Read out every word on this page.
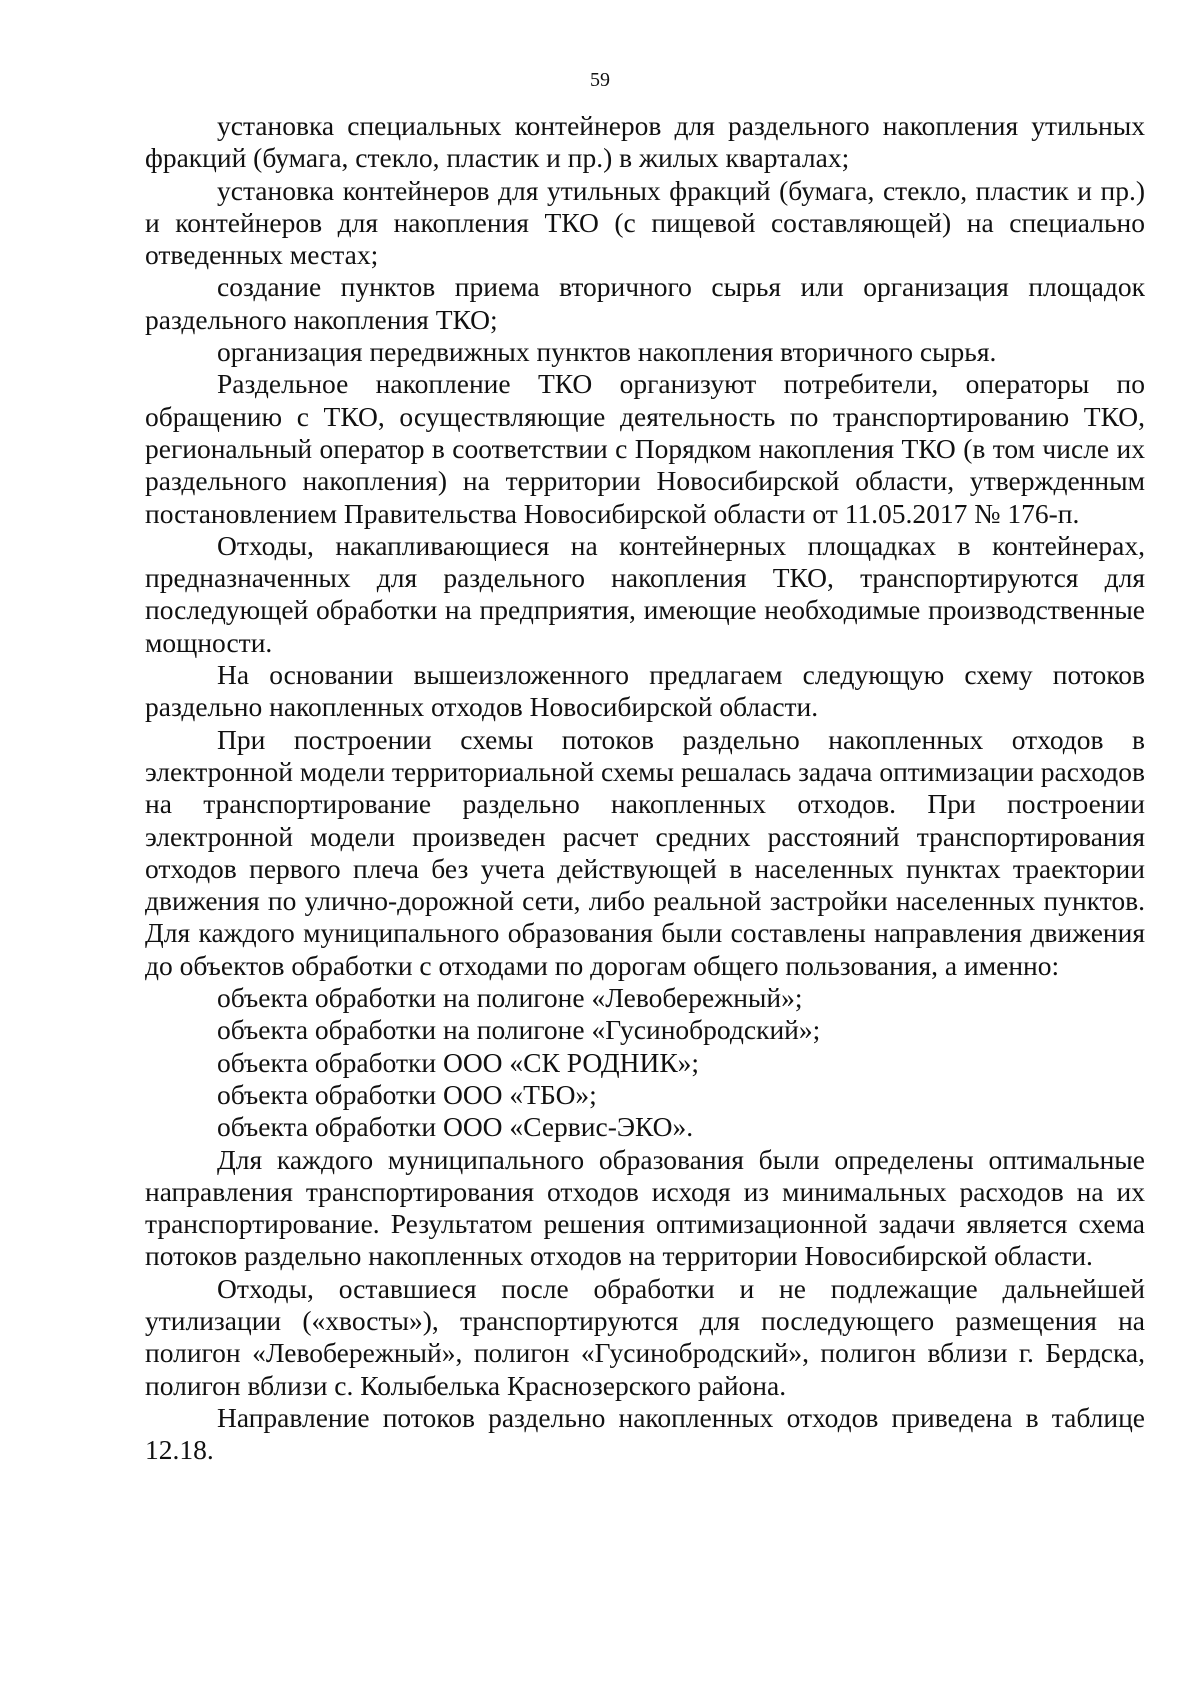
59

установка специальных контейнеров для раздельного накопления утильных фракций (бумага, стекло, пластик и пр.) в жилых кварталах;

установка контейнеров для утильных фракций (бумага, стекло, пластик и пр.) и контейнеров для накопления ТКО (с пищевой составляющей) на специально отведенных местах;

создание пунктов приема вторичного сырья или организация площадок раздельного накопления ТКО;

организация передвижных пунктов накопления вторичного сырья.

Раздельное накопление ТКО организуют потребители, операторы по обращению с ТКО, осуществляющие деятельность по транспортированию ТКО, региональный оператор в соответствии с Порядком накопления ТКО (в том числе их раздельного накопления) на территории Новосибирской области, утвержденным постановлением Правительства Новосибирской области от 11.05.2017 № 176-п.

Отходы, накапливающиеся на контейнерных площадках в контейнерах, предназначенных для раздельного накопления ТКО, транспортируются для последующей обработки на предприятия, имеющие необходимые производственные мощности.

На основании вышеизложенного предлагаем следующую схему потоков раздельно накопленных отходов Новосибирской области.

При построении схемы потоков раздельно накопленных отходов в электронной модели территориальной схемы решалась задача оптимизации расходов на транспортирование раздельно накопленных отходов. При построении электронной модели произведен расчет средних расстояний транспортирования отходов первого плеча без учета действующей в населенных пунктах траектории движения по улично-дорожной сети, либо реальной застройки населенных пунктов. Для каждого муниципального образования были составлены направления движения до объектов обработки с отходами по дорогам общего пользования, а именно:

объекта обработки на полигоне «Левобережный»;

объекта обработки на полигоне «Гусинобродский»;

объекта обработки ООО «СК РОДНИК»;

объекта обработки ООО «ТБО»;

объекта обработки ООО «Сервис-ЭКО».

Для каждого муниципального образования были определены оптимальные направления транспортирования отходов исходя из минимальных расходов на их транспортирование. Результатом решения оптимизационной задачи является схема потоков раздельно накопленных отходов на территории Новосибирской области.

Отходы, оставшиеся после обработки и не подлежащие дальнейшей утилизации («хвосты»), транспортируются для последующего размещения на полигон «Левобережный», полигон «Гусинобродский», полигон вблизи г. Бердска, полигон вблизи с. Колыбелька Краснозерского района.

Направление потоков раздельно накопленных отходов приведена в таблице 12.18.
